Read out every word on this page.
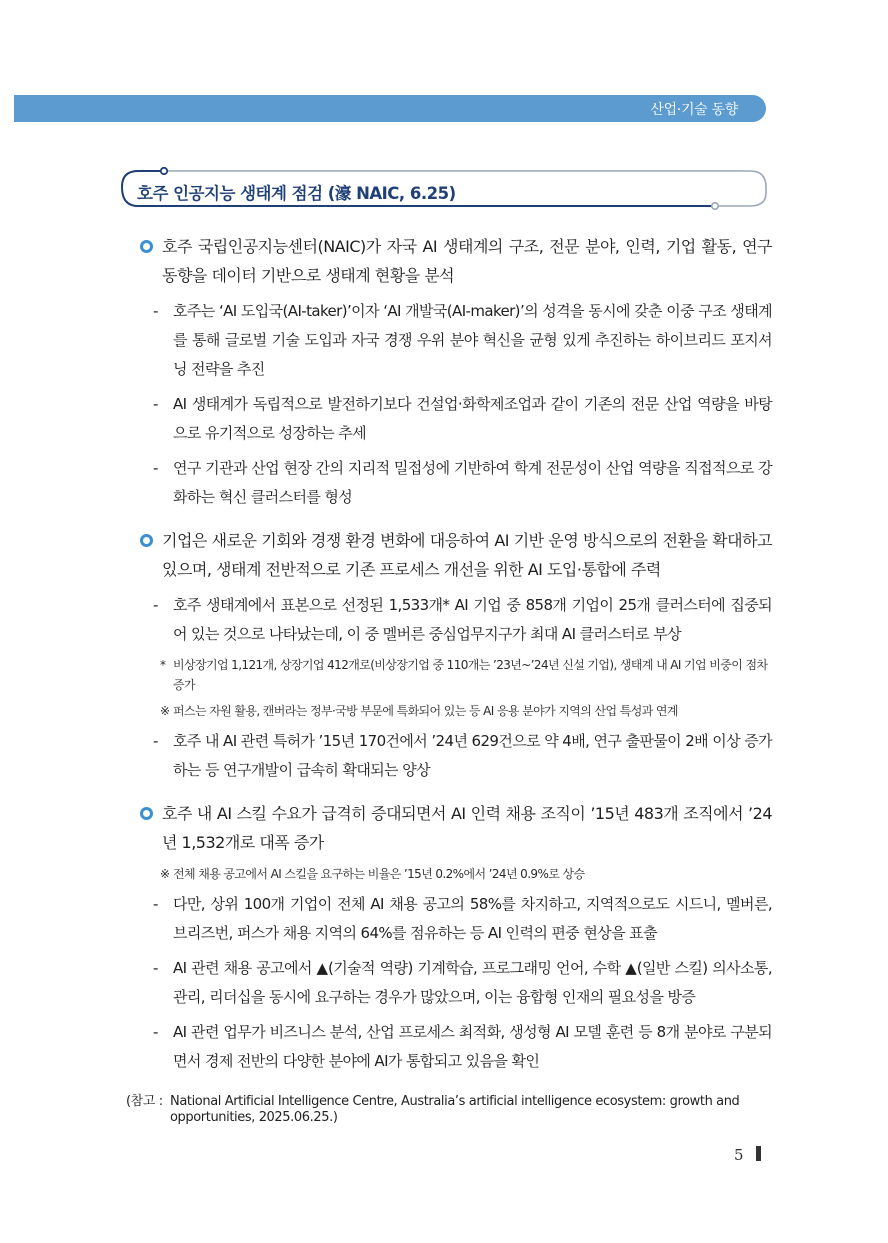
산업·기술 동향
호주 인공지능 생태계 점검 (濠 NAIC, 6.25)
호주 국립인공지능센터(NAIC)가 자국 AI 생태계의 구조, 전문 분야, 인력, 기업 활동, 연구 동향을 데이터 기반으로 생태계 현황을 분석
- 호주는 ‘AI 도입국(AI-taker)’이자 ‘AI 개발국(AI-maker)’의 성격을 동시에 갖춘 이중 구조 생태계를 통해 글로벌 기술 도입과 자국 경쟁 우위 분야 혁신을 균형 있게 추진하는 하이브리드 포지셔닝 전략을 추진
- AI 생태계가 독립적으로 발전하기보다 건설업·화학제조업과 같이 기존의 전문 산업 역량을 바탕으로 유기적으로 성장하는 추세
- 연구 기관과 산업 현장 간의 지리적 밀접성에 기반하여 학계 전문성이 산업 역량을 직접적으로 강화하는 혁신 클러스터를 형성
기업은 새로운 기회와 경쟁 환경 변화에 대응하여 AI 기반 운영 방식으로의 전환을 확대하고 있으며, 생태계 전반적으로 기존 프로세스 개선을 위한 AI 도입·통합에 주력
- 호주 생태계에서 표본으로 선정된 1,533개* AI 기업 중 858개 기업이 25개 클러스터에 집중되어 있는 것으로 나타났는데, 이 중 멜버른 중심업무지구가 최대 AI 클러스터로 부상
* 비상장기업 1,121개, 상장기업 412개로(비상장기업 중 110개는 ’23년~’24년 신설 기업), 생태계 내 AI 기업 비중이 점차 증가
※ 퍼스는 자원 활용, 캔버라는 정부·국방 부문에 특화되어 있는 등 AI 응용 분야가 지역의 산업 특성과 연계
- 호주 내 AI 관련 특허가 ’15년 170건에서 ’24년 629건으로 약 4배, 연구 출판물이 2배 이상 증가하는 등 연구개발이 급속히 확대되는 양상
호주 내 AI 스킬 수요가 급격히 증대되면서 AI 인력 채용 조직이 ’15년 483개 조직에서 ’24년 1,532개로 대폭 증가
※ 전체 채용 공고에서 AI 스킬을 요구하는 비율은 ’15년 0.2%에서 ’24년 0.9%로 상승
- 다만, 상위 100개 기업이 전체 AI 채용 공고의 58%를 차지하고, 지역적으로도 시드니, 멜버른, 브리즈번, 퍼스가 채용 지역의 64%를 점유하는 등 AI 인력의 편중 현상을 표출
- AI 관련 채용 공고에서 ▲(기술적 역량) 기계학습, 프로그래밍 언어, 수학 ▲(일반 스킬) 의사소통, 관리, 리더십을 동시에 요구하는 경우가 많았으며, 이는 융합형 인재의 필요성을 방증
- AI 관련 업무가 비즈니스 분석, 산업 프로세스 최적화, 생성형 AI 모델 훈련 등 8개 분야로 구분되면서 경제 전반의 다양한 분야에 AI가 통합되고 있음을 확인
(참고 : National Artificial Intelligence Centre, Australia’s artificial intelligence ecosystem: growth and opportunities, 2025.06.25.)
5
